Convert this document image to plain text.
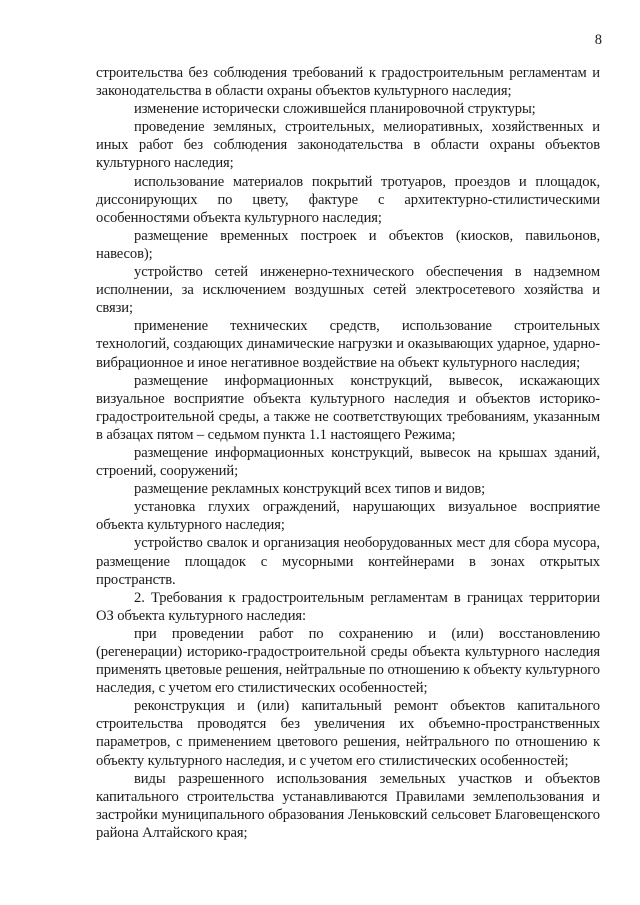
8

строительства без соблюдения требований к градостроительным регламентам и законодательства в области охраны объектов культурного наследия;

изменение исторически сложившейся планировочной структуры;

проведение земляных, строительных, мелиоративных, хозяйственных и иных работ без соблюдения законодательства в области охраны объектов культурного наследия;

использование материалов покрытий тротуаров, проездов и площадок, диссонирующих по цвету, фактуре с архитектурно-стилистическими особенностями объекта культурного наследия;

размещение временных построек и объектов (киосков, павильонов, навесов);

устройство сетей инженерно-технического обеспечения в надземном исполнении, за исключением воздушных сетей электросетевого хозяйства и связи;

применение технических средств, использование строительных технологий, создающих динамические нагрузки и оказывающих ударное, ударно-вибрационное и иное негативное воздействие на объект культурного наследия;

размещение информационных конструкций, вывесок, искажающих визуальное восприятие объекта культурного наследия и объектов историко-градостроительной среды, а также не соответствующих требованиям, указанным в абзацах пятом – седьмом пункта 1.1 настоящего Режима;

размещение информационных конструкций, вывесок на крышах зданий, строений, сооружений;

размещение рекламных конструкций всех типов и видов;

установка глухих ограждений, нарушающих визуальное восприятие объекта культурного наследия;

устройство свалок и организация необорудованных мест для сбора мусора, размещение площадок с мусорными контейнерами в зонах открытых пространств.

2. Требования к градостроительным регламентам в границах территории ОЗ объекта культурного наследия:

при проведении работ по сохранению и (или) восстановлению (регенерации) историко-градостроительной среды объекта культурного наследия применять цветовые решения, нейтральные по отношению к объекту культурного наследия, с учетом его стилистических особенностей;

реконструкция и (или) капитальный ремонт объектов капитального строительства проводятся без увеличения их объемно-пространственных параметров, с применением цветового решения, нейтрального по отношению к объекту культурного наследия, и с учетом его стилистических особенностей;

виды разрешенного использования земельных участков и объектов капитального строительства устанавливаются Правилами землепользования и застройки муниципального образования Леньковский сельсовет Благовещенского района Алтайского края;
